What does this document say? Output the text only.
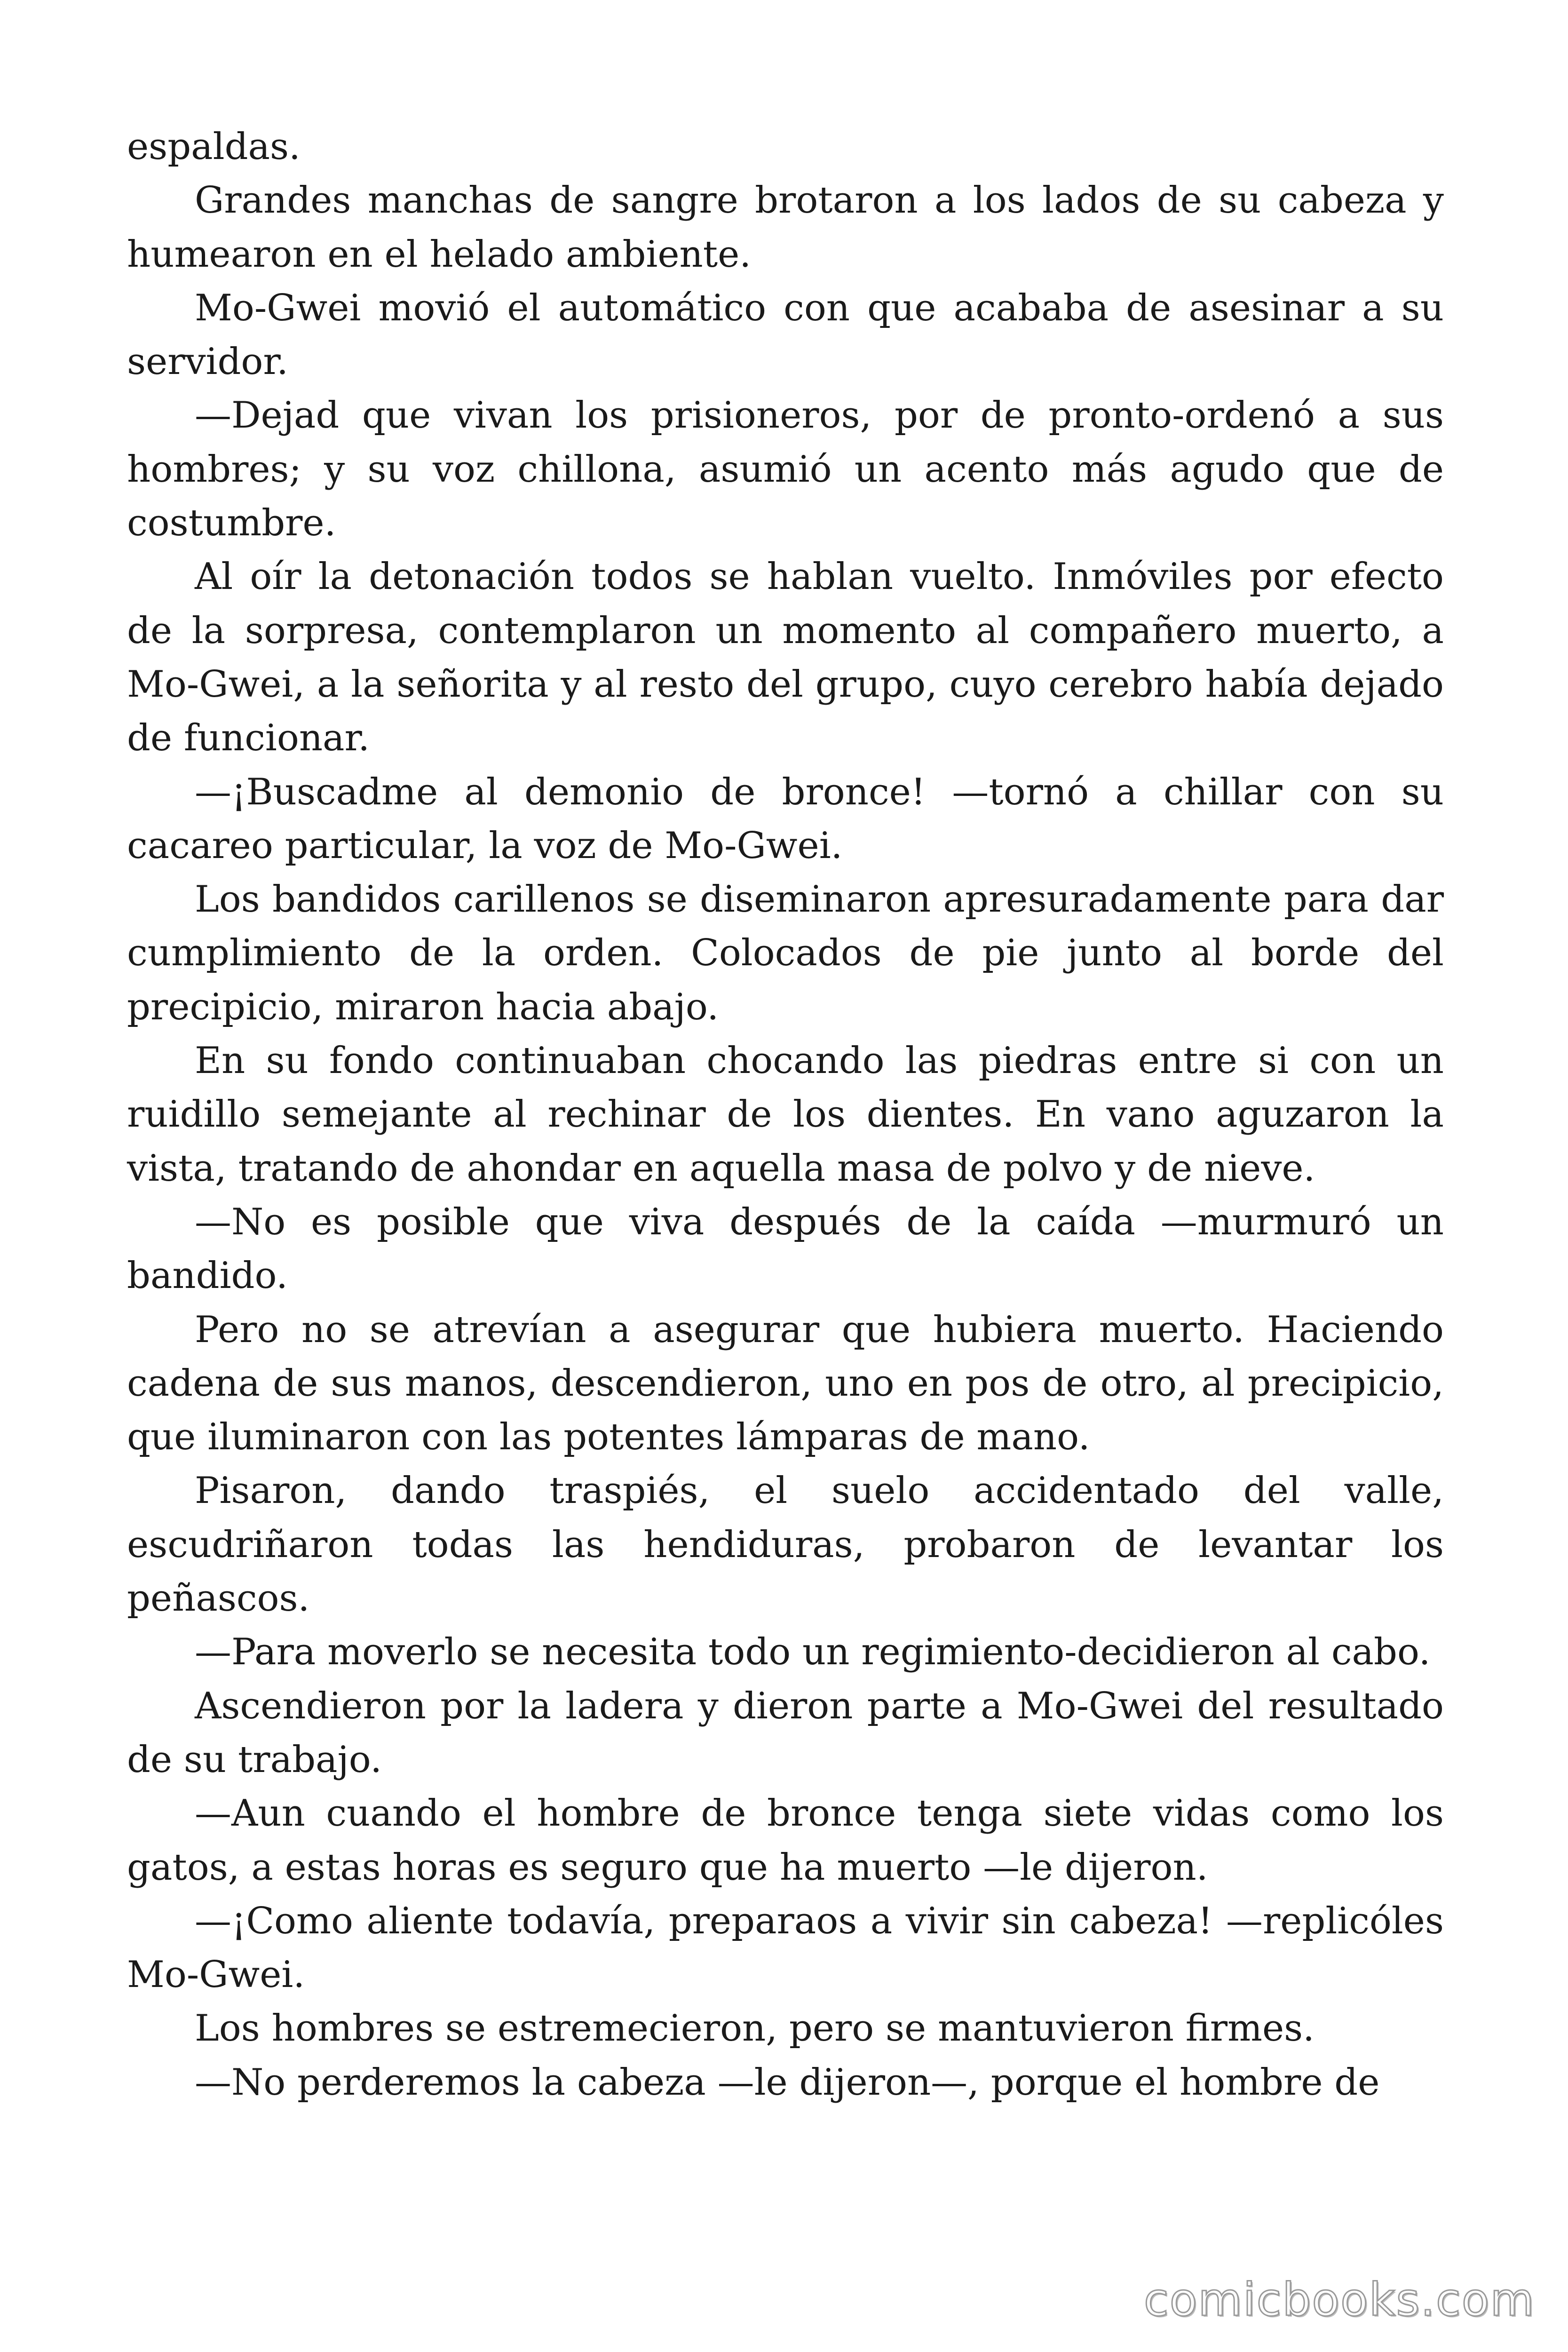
espaldas.

Grandes manchas de sangre brotaron a los lados de su cabeza y humearon en el helado ambiente.

Mo-Gwei movió el automático con que acababa de asesinar a su servidor.

—Dejad que vivan los prisioneros, por de pronto-ordenó a sus hombres; y su voz chillona, asumió un acento más agudo que de costumbre.

Al oír la detonación todos se hablan vuelto. Inmóviles por efecto de la sorpresa, contemplaron un momento al compañero muerto, a Mo-Gwei, a la señorita y al resto del grupo, cuyo cerebro había dejado de funcionar.

—¡Buscadme al demonio de bronce! —tornó a chillar con su cacareo particular, la voz de Mo-Gwei.

Los bandidos carillenos se diseminaron apresuradamente para dar cumplimiento de la orden. Colocados de pie junto al borde del precipicio, miraron hacia abajo.

En su fondo continuaban chocando las piedras entre si con un ruidillo semejante al rechinar de los dientes. En vano aguzaron la vista, tratando de ahondar en aquella masa de polvo y de nieve.

—No es posible que viva después de la caída —murmuró un bandido.

Pero no se atrevían a asegurar que hubiera muerto. Haciendo cadena de sus manos, descendieron, uno en pos de otro, al precipicio, que iluminaron con las potentes lámparas de mano.

Pisaron, dando traspiés, el suelo accidentado del valle, escudriñaron todas las hendiduras, probaron de levantar los peñascos.

—Para moverlo se necesita todo un regimiento-decidieron al cabo.

Ascendieron por la ladera y dieron parte a Mo-Gwei del resultado de su trabajo.

—Aun cuando el hombre de bronce tenga siete vidas como los gatos, a estas horas es seguro que ha muerto —le dijeron.

—¡Como aliente todavía, preparaos a vivir sin cabeza! —replicóles Mo-Gwei.

Los hombres se estremecieron, pero se mantuvieron firmes.

—No perderemos la cabeza —le dijeron—, porque el hombre de

comicbooks.com
